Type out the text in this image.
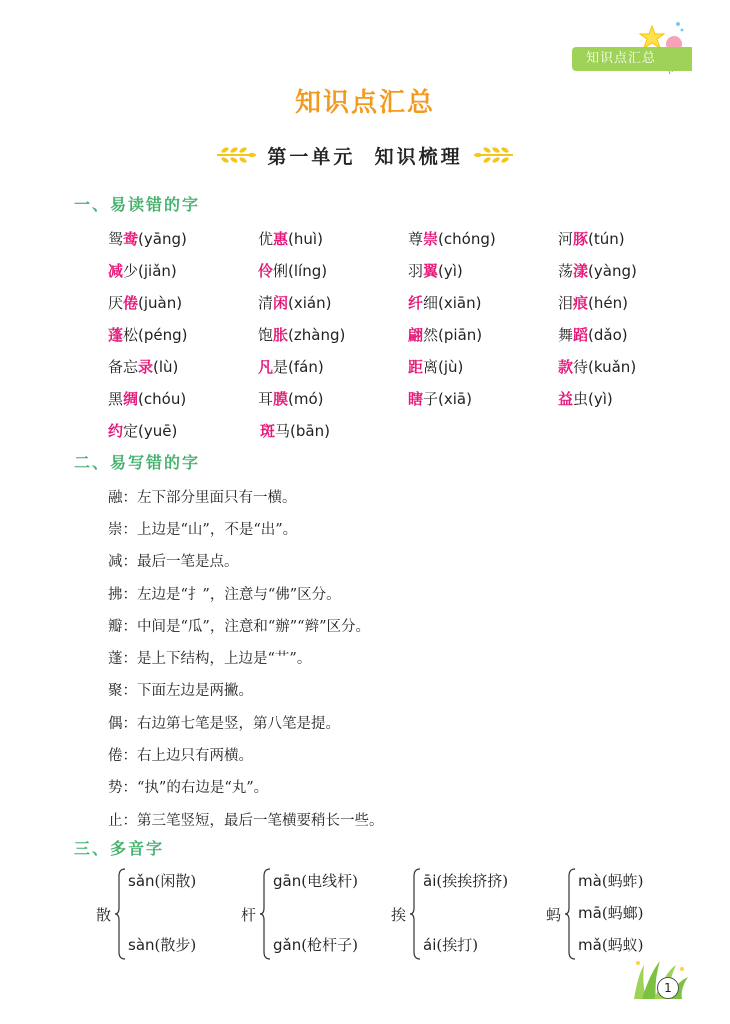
知识点汇总
知识点汇总
第一单元  知识梳理
一、易读错的字
鸳鸯(yāng)	优惠(huì)	尊崇(chóng)	河豚(tún)
减少(jiǎn)	伶俐(líng)	羽翼(yì)	荡漾(yàng)
厌倦(juàn)	清闲(xián)	纤细(xiān)	泪痕(hén)
蓬松(péng)	饱胀(zhàng)	翩然(piān)	舞蹈(dǎo)
备忘录(lù)	凡是(fán)	距离(jù)	款待(kuǎn)
黑绸(chóu)	耳膜(mó)	瞎子(xiā)	益虫(yì)
约定(yuē)	斑马(bān)
二、易写错的字
融：左下部分里面只有一横。
崇：上边是“山”，不是“出”。
减：最后一笔是点。
拂：左边是“扌”，注意与“佛”区分。
瓣：中间是“瓜”，注意和“辦”“辫”区分。
蓬：是上下结构，上边是“艹”。
聚：下面左边是两撇。
偶：右边第七笔是竖，第八笔是提。
倦：右上边只有两横。
势：“执”的右边是“丸”。
止：第三笔竖短，最后一笔横要稍长一些。
三、多音字
散
sǎn(闲散)
sàn(散步)
杆
gān(电线杆)
gǎn(枪杆子)
挨
āi(挨挨挤挤)
ái(挨打)
蚂
mà(蚂蚱)
mā(蚂螂)
mǎ(蚂蚁)
1
